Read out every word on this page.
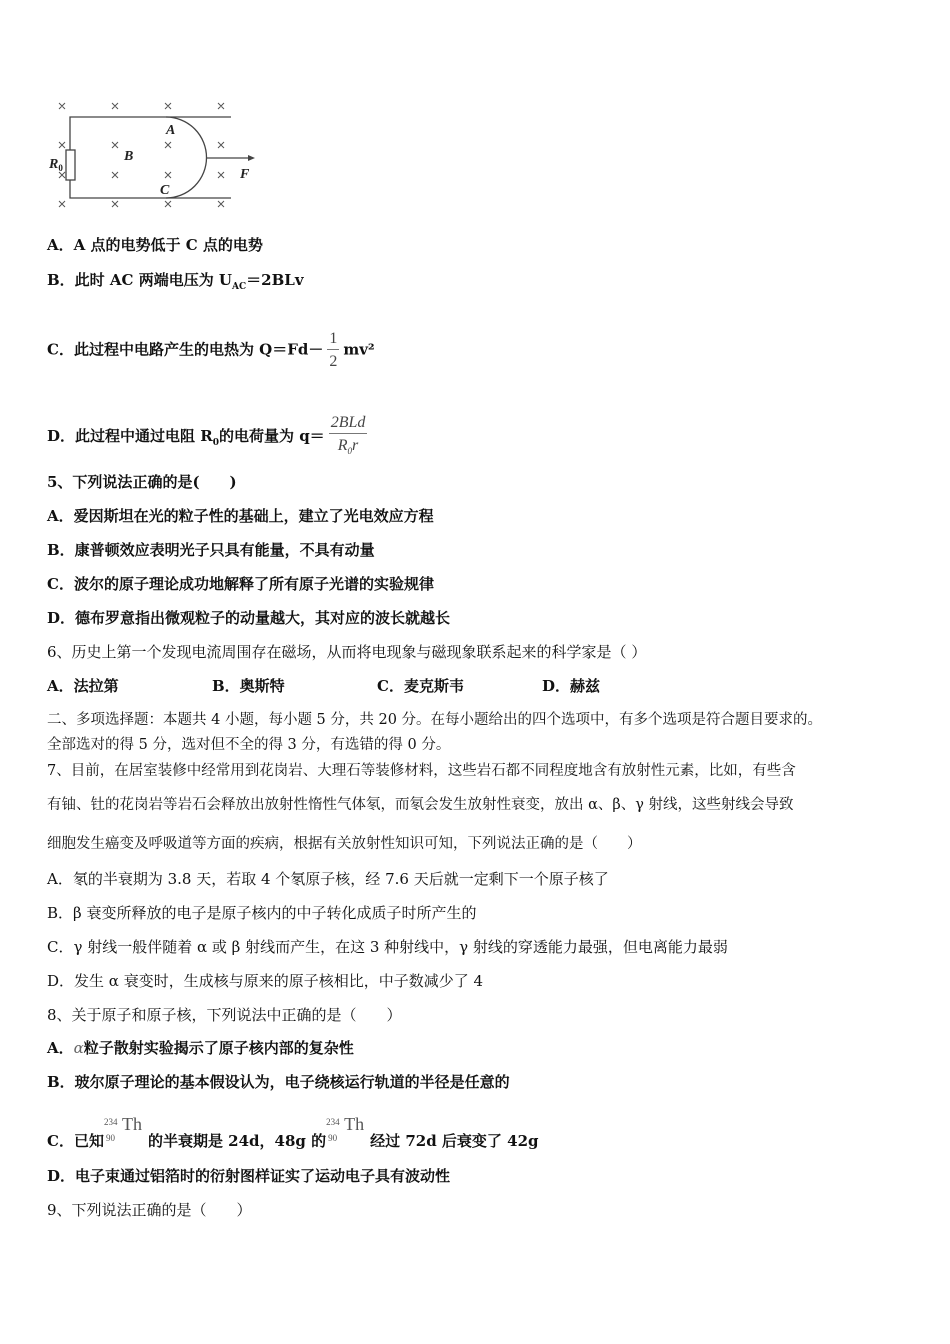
A
B
C
F
$R_0$
A．A 点的电势低于 C 点的电势
B．此时 AC 两端电压为 $U_{AC}=2BLv$
C．此过程中电路产生的电热为 $Q=Fd- \frac{1}{2} mv^2$
D．此过程中通过电阻 $R_0$的电荷量为 $q= \frac{\text{2BLd}}{R_0r}$
5、下列说法正确的是(　　)
A．爱因斯坦在光的粒子性的基础上，建立了光电效应方程
B．康普顿效应表明光子只具有能量，不具有动量
C．波尔的原子理论成功地解释了所有原子光谱的实验规律
D．德布罗意指出微观粒子的动量越大，其对应的波长就越长
6、历史上第一个发现电流周围存在磁场，从而将电现象与磁现象联系起来的科学家是（ ）
A．法拉第	B．奥斯特	C．麦克斯韦	D．赫兹
二、多项选择题：本题共 4 小题，每小题 5 分，共 20 分。在每小题给出的四个选项中，有多个选项是符合题目要求的。
全部选对的得 5 分，选对但不全的得 3 分，有选错的得 0 分。
7、目前，在居室装修中经常用到花岗岩、大理石等装修材料，这些岩石都不同程度地含有放射性元素，比如，有些含
有铀、钍的花岗岩等岩石会释放出放射性惰性气体氡，而氡会发生放射性衰变，放出 α、β、γ 射线，这些射线会导致
细胞发生癌变及呼吸道等方面的疾病，根据有关放射性知识可知，下列说法正确的是（　　）
A．氡的半衰期为 3.8 天，若取 4 个氡原子核，经 7.6 天后就一定剩下一个原子核了
B．β 衰变所释放的电子是原子核内的中子转化成质子时所产生的
C．γ 射线一般伴随着 α 或 β 射线而产生，在这 3 种射线中，γ 射线的穿透能力最强，但电离能力最弱
D．发生 α 衰变时，生成核与原来的原子核相比，中子数减少了 4
8、关于原子和原子核，下列说法中正确的是（　　）
A．α粒子散射实验揭示了原子核内部的复杂性
B．玻尔原子理论的基本假设认为，电子绕核运行轨道的半径是任意的
C．已知
234
90
Th
的半衰期是 24d，48g 的
234
90
Th
经过 72d 后衰变了 42g
D．电子束通过铝箔时的衍射图样证实了运动电子具有波动性
9、下列说法正确的是（　　）
